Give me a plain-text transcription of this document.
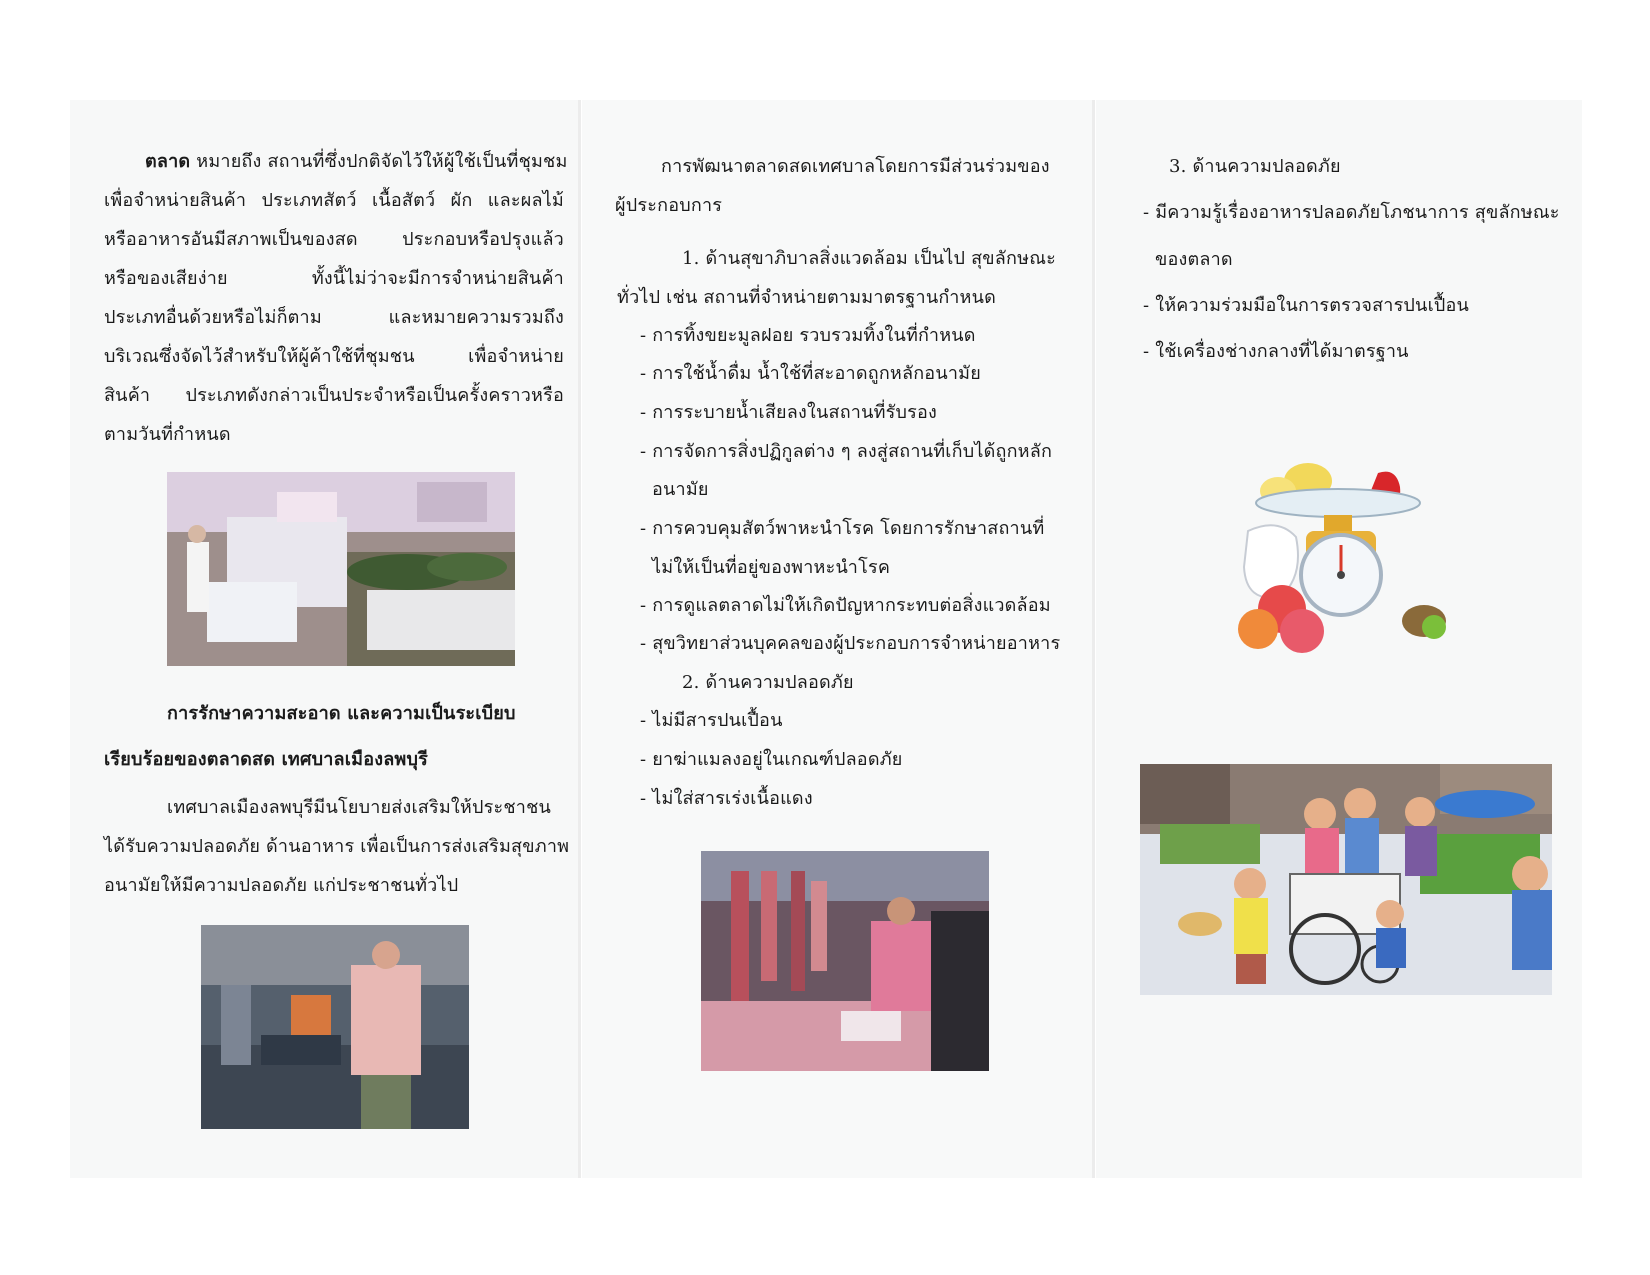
ตลาด หมายถึง สถานที่ซึ่งปกติจัดไว้ให้ผู้ใช้เป็นที่ชุมชม
เพื่อจำหน่ายสินค้า ประเภทสัตว์ เนื้อสัตว์ ผัก และผลไม้
หรืออาหารอันมีสภาพเป็นของสด ประกอบหรือปรุงแล้ว
หรือของเสียง่าย ทั้งนี้ไม่ว่าจะมีการจำหน่ายสินค้า
ประเภทอื่นด้วยหรือไม่ก็ตาม และหมายความรวมถึง
บริเวณซึ่งจัดไว้สำหรับให้ผู้ค้าใช้ที่ชุมชน เพื่อจำหน่าย
สินค้า ประเภทดังกล่าวเป็นประจำหรือเป็นครั้งคราวหรือ
ตามวันที่กำหนด
การรักษาความสะอาด และความเป็นระเบียบ
เรียบร้อยของตลาดสด เทศบาลเมืองลพบุรี
เทศบาลเมืองลพบุรีมีนโยบายส่งเสริมให้ประชาชน
ได้รับความปลอดภัย ด้านอาหาร เพื่อเป็นการส่งเสริมสุขภาพ
อนามัยให้มีความปลอดภัย แก่ประชาชนทั่วไป
การพัฒนาตลาดสดเทศบาลโดยการมีส่วนร่วมของ
ผู้ประกอบการ
1. ด้านสุขาภิบาลสิ่งแวดล้อม เป็นไป สุขลักษณะ
ทั่วไป เช่น สถานที่จำหน่ายตามมาตรฐานกำหนด
- การทิ้งขยะมูลฝอย รวบรวมทิ้งในที่กำหนด
- การใช้น้ำดื่ม น้ำใช้ที่สะอาดถูกหลักอนามัย
- การระบายน้ำเสียลงในสถานที่รับรอง
- การจัดการสิ่งปฏิกูลต่าง ๆ ลงสู่สถานที่เก็บได้ถูกหลัก
อนามัย
- การควบคุมสัตว์พาหะนำโรค โดยการรักษาสถานที่
ไม่ให้เป็นที่อยู่ของพาหะนำโรค
- การดูแลตลาดไม่ให้เกิดปัญหากระทบต่อสิ่งแวดล้อม
- สุขวิทยาส่วนบุคคลของผู้ประกอบการจำหน่ายอาหาร
2. ด้านความปลอดภัย
- ไม่มีสารปนเปื้อน
- ยาฆ่าแมลงอยู่ในเกณฑ์ปลอดภัย
- ไม่ใส่สารเร่งเนื้อแดง
3. ด้านความปลอดภัย
- มีความรู้เรื่องอาหารปลอดภัยโภชนาการ สุขลักษณะ
ของตลาด
- ให้ความร่วมมือในการตรวจสารปนเปื้อน
- ใช้เครื่องช่างกลางที่ได้มาตรฐาน
